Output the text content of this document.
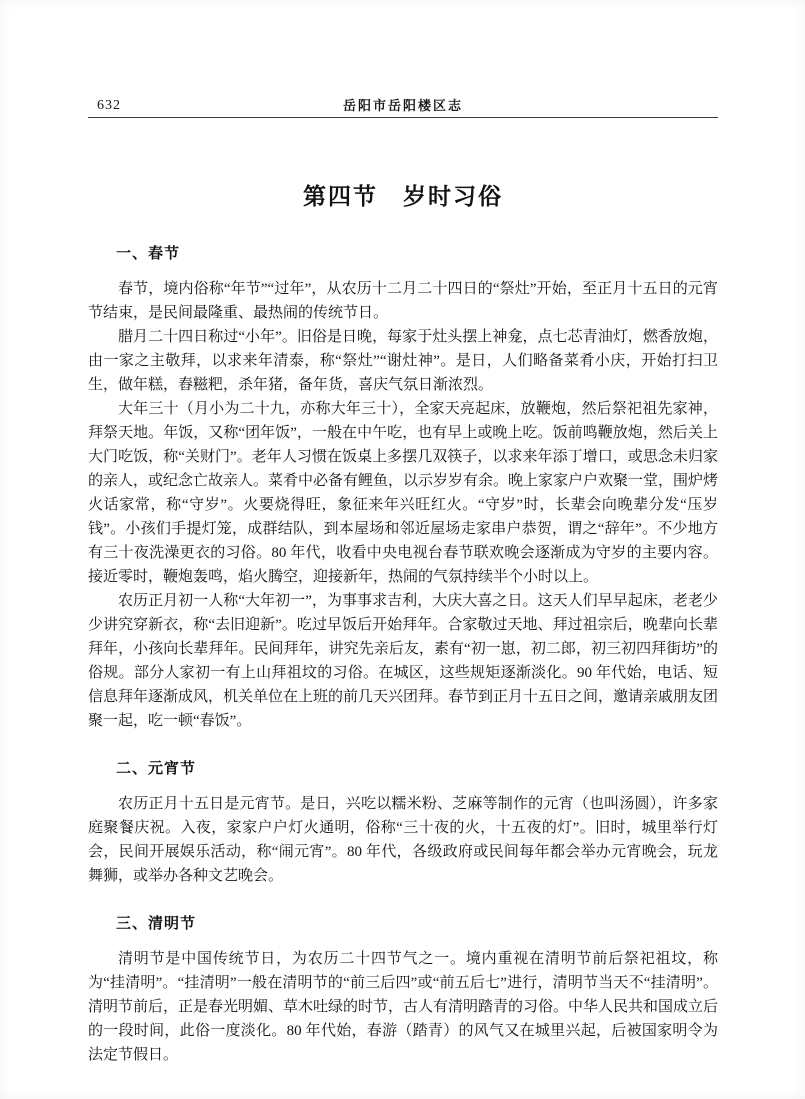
632	岳阳市岳阳楼区志
第四节　岁时习俗
一、春节

春节，境内俗称“年节”“过年”，从农历十二月二十四日的“祭灶”开始，至正月十五日的元宵节结束，是民间最隆重、最热闹的传统节日。

腊月二十四日称过“小年”。旧俗是日晚，每家于灶头摆上神龛，点七芯青油灯，燃香放炮，由一家之主敬拜，以求来年清泰，称“祭灶”“谢灶神”。是日，人们略备菜肴小庆，开始打扫卫生，做年糕，舂糍粑，杀年猪，备年货，喜庆气氛日渐浓烈。

大年三十（月小为二十九，亦称大年三十），全家天亮起床，放鞭炮，然后祭祀祖先家神，拜祭天地。年饭，又称“团年饭”，一般在中午吃，也有早上或晚上吃。饭前鸣鞭放炮，然后关上大门吃饭，称“关财门”。老年人习惯在饭桌上多摆几双筷子，以求来年添丁增口，或思念未归家的亲人，或纪念亡故亲人。菜肴中必备有鲤鱼，以示岁岁有余。晚上家家户户欢聚一堂，围炉烤火话家常，称“守岁”。火要烧得旺，象征来年兴旺红火。“守岁”时，长辈会向晚辈分发“压岁钱”。小孩们手提灯笼，成群结队，到本屋场和邻近屋场走家串户恭贺，谓之“辞年”。不少地方有三十夜洗澡更衣的习俗。80 年代，收看中央电视台春节联欢晚会逐渐成为守岁的主要内容。接近零时，鞭炮轰鸣，焰火腾空，迎接新年，热闹的气氛持续半个小时以上。

农历正月初一人称“大年初一”，为事事求吉利，大庆大喜之日。这天人们早早起床，老老少少讲究穿新衣，称“去旧迎新”。吃过早饭后开始拜年。合家敬过天地、拜过祖宗后，晚辈向长辈拜年，小孩向长辈拜年。民间拜年，讲究先亲后友，素有“初一崽，初二郎，初三初四拜街坊”的俗规。部分人家初一有上山拜祖坟的习俗。在城区，这些规矩逐渐淡化。90 年代始，电话、短信息拜年逐渐成风，机关单位在上班的前几天兴团拜。春节到正月十五日之间，邀请亲戚朋友团聚一起，吃一顿“春饭”。

二、元宵节

农历正月十五日是元宵节。是日，兴吃以糯米粉、芝麻等制作的元宵（也叫汤圆），许多家庭聚餐庆祝。入夜，家家户户灯火通明，俗称“三十夜的火，十五夜的灯”。旧时，城里举行灯会，民间开展娱乐活动，称“闹元宵”。80 年代，各级政府或民间每年都会举办元宵晚会，玩龙舞狮，或举办各种文艺晚会。

三、清明节

清明节是中国传统节日，为农历二十四节气之一。境内重视在清明节前后祭祀祖坟，称为“挂清明”。“挂清明”一般在清明节的“前三后四”或“前五后七”进行，清明节当天不“挂清明”。清明节前后，正是春光明媚、草木吐绿的时节，古人有清明踏青的习俗。中华人民共和国成立后的一段时间，此俗一度淡化。80 年代始，春游（踏青）的风气又在城里兴起，后被国家明令为法定节假日。
